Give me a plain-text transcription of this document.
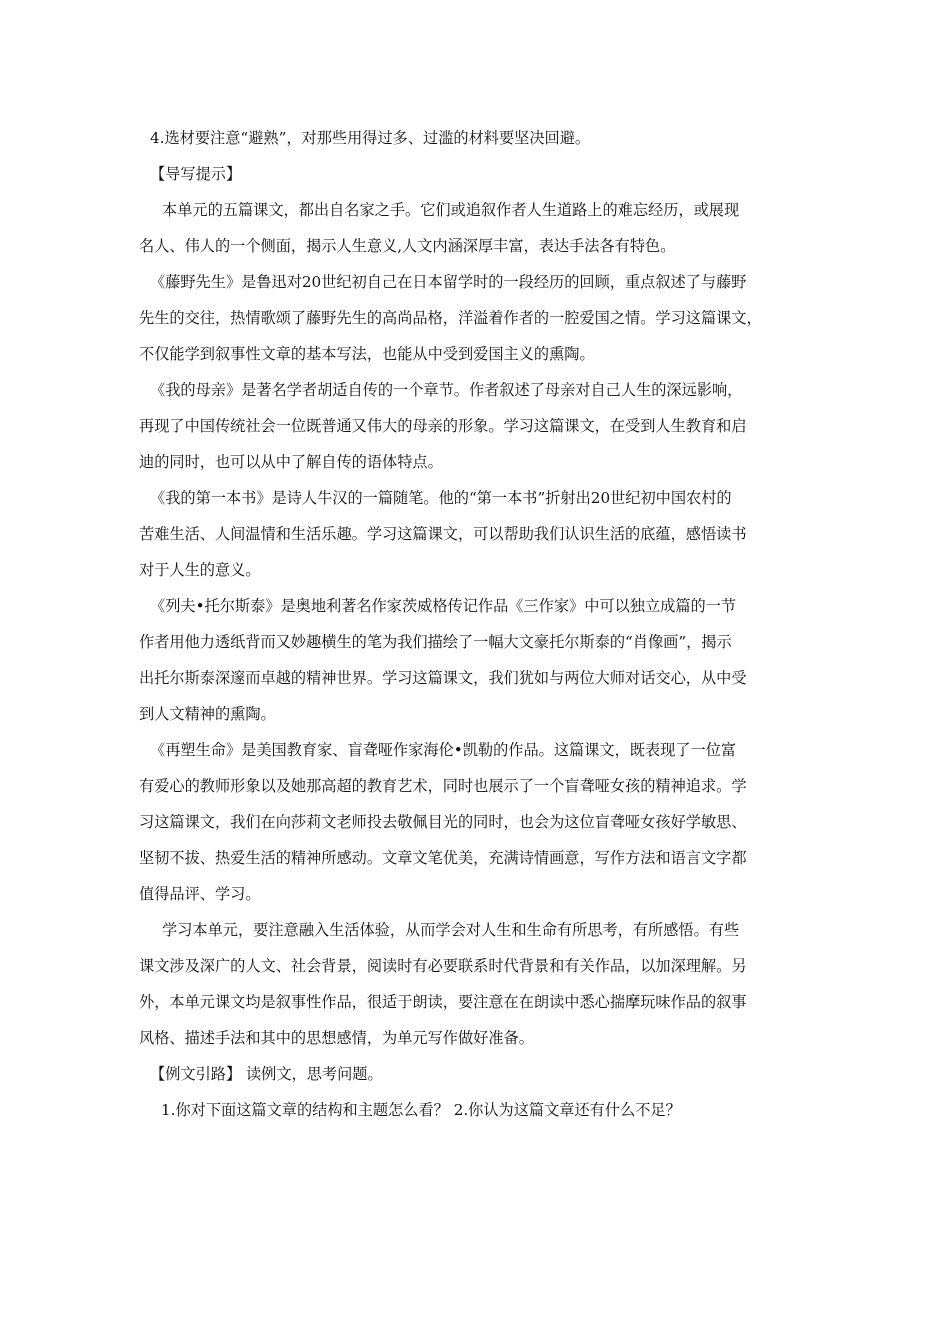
4.选材要注意“避熟”，对那些用得过多、过滥的材料要坚决回避。
【导写提示】
本单元的五篇课文，都出自名家之手。它们或追叙作者人生道路上的难忘经历，或展现
名人、伟人的一个侧面，揭示人生意义,人文内涵深厚丰富，表达手法各有特色。
《藤野先生》是鲁迅对20世纪初自己在日本留学时的一段经历的回顾，重点叙述了与藤野
先生的交往，热情歌颂了藤野先生的高尚品格，洋溢着作者的一腔爱国之情。学习这篇课文，
不仅能学到叙事性文章的基本写法，也能从中受到爱国主义的熏陶。
《我的母亲》是著名学者胡适自传的一个章节。作者叙述了母亲对自己人生的深远影响，
再现了中国传统社会一位既普通又伟大的母亲的形象。学习这篇课文，在受到人生教育和启
迪的同时，也可以从中了解自传的语体特点。
《我的第一本书》是诗人牛汉的一篇随笔。他的“第一本书”折射出20世纪初中国农村的
苦难生活、人间温情和生活乐趣。学习这篇课文，可以帮助我们认识生活的底蕴，感悟读书
对于人生的意义。
《列夫•托尔斯泰》是奥地利著名作家茨威格传记作品《三作家》中可以独立成篇的一节
作者用他力透纸背而又妙趣横生的笔为我们描绘了一幅大文豪托尔斯泰的“肖像画”，揭示
出托尔斯泰深邃而卓越的精神世界。学习这篇课文，我们犹如与两位大师对话交心，从中受
到人文精神的熏陶。
《再塑生命》是美国教育家、盲聋哑作家海伦•凯勒的作品。这篇课文，既表现了一位富
有爱心的教师形象以及她那高超的教育艺术，同时也展示了一个盲聋哑女孩的精神追求。学
习这篇课文，我们在向莎莉文老师投去敬佩目光的同时，也会为这位盲聋哑女孩好学敏思、
坚韧不拔、热爱生活的精神所感动。文章文笔优美，充满诗情画意，写作方法和语言文字都
值得品评、学习。
学习本单元，要注意融入生活体验，从而学会对人生和生命有所思考，有所感悟。有些
课文涉及深广的人文、社会背景，阅读时有必要联系时代背景和有关作品，以加深理解。另
外，本单元课文均是叙事性作品，很适于朗读，要注意在在朗读中悉心揣摩玩味作品的叙事
风格、描述手法和其中的思想感情，为单元写作做好准备。
【例文引路】 读例文，思考问题。
1.你对下面这篇文章的结构和主题怎么看？ 2.你认为这篇文章还有什么不足？
